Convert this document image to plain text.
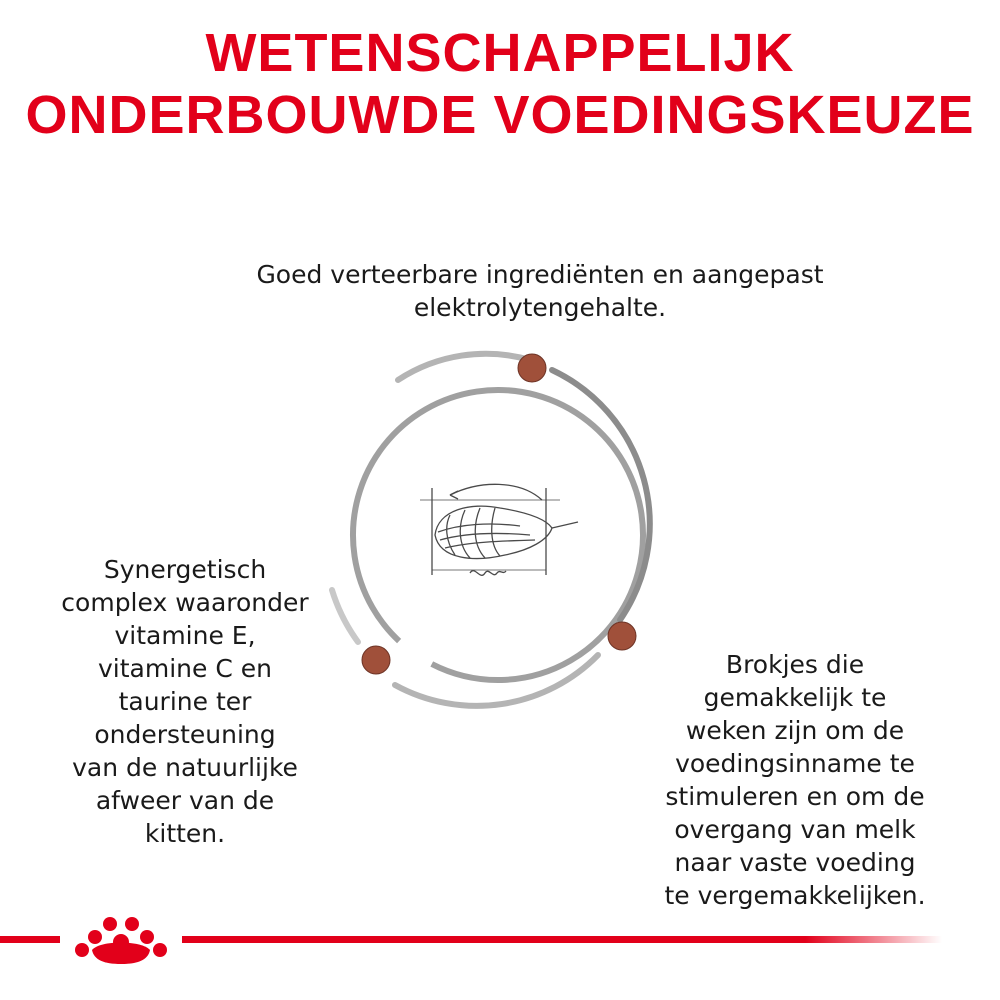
WETENSCHAPPELIJK
ONDERBOUWDE VOEDINGSKEUZE

Goed verteerbare ingrediënten en aangepast
elektrolytengehalte.

Synergetisch
complex waaronder
vitamine E,
vitamine C en
taurine ter
ondersteuning
van de natuurlijke
afweer van de
kitten.

Brokjes die
gemakkelijk te
weken zijn om de
voedingsinname te
stimuleren en om de
overgang van melk
naar vaste voeding
te vergemakkelijken.
